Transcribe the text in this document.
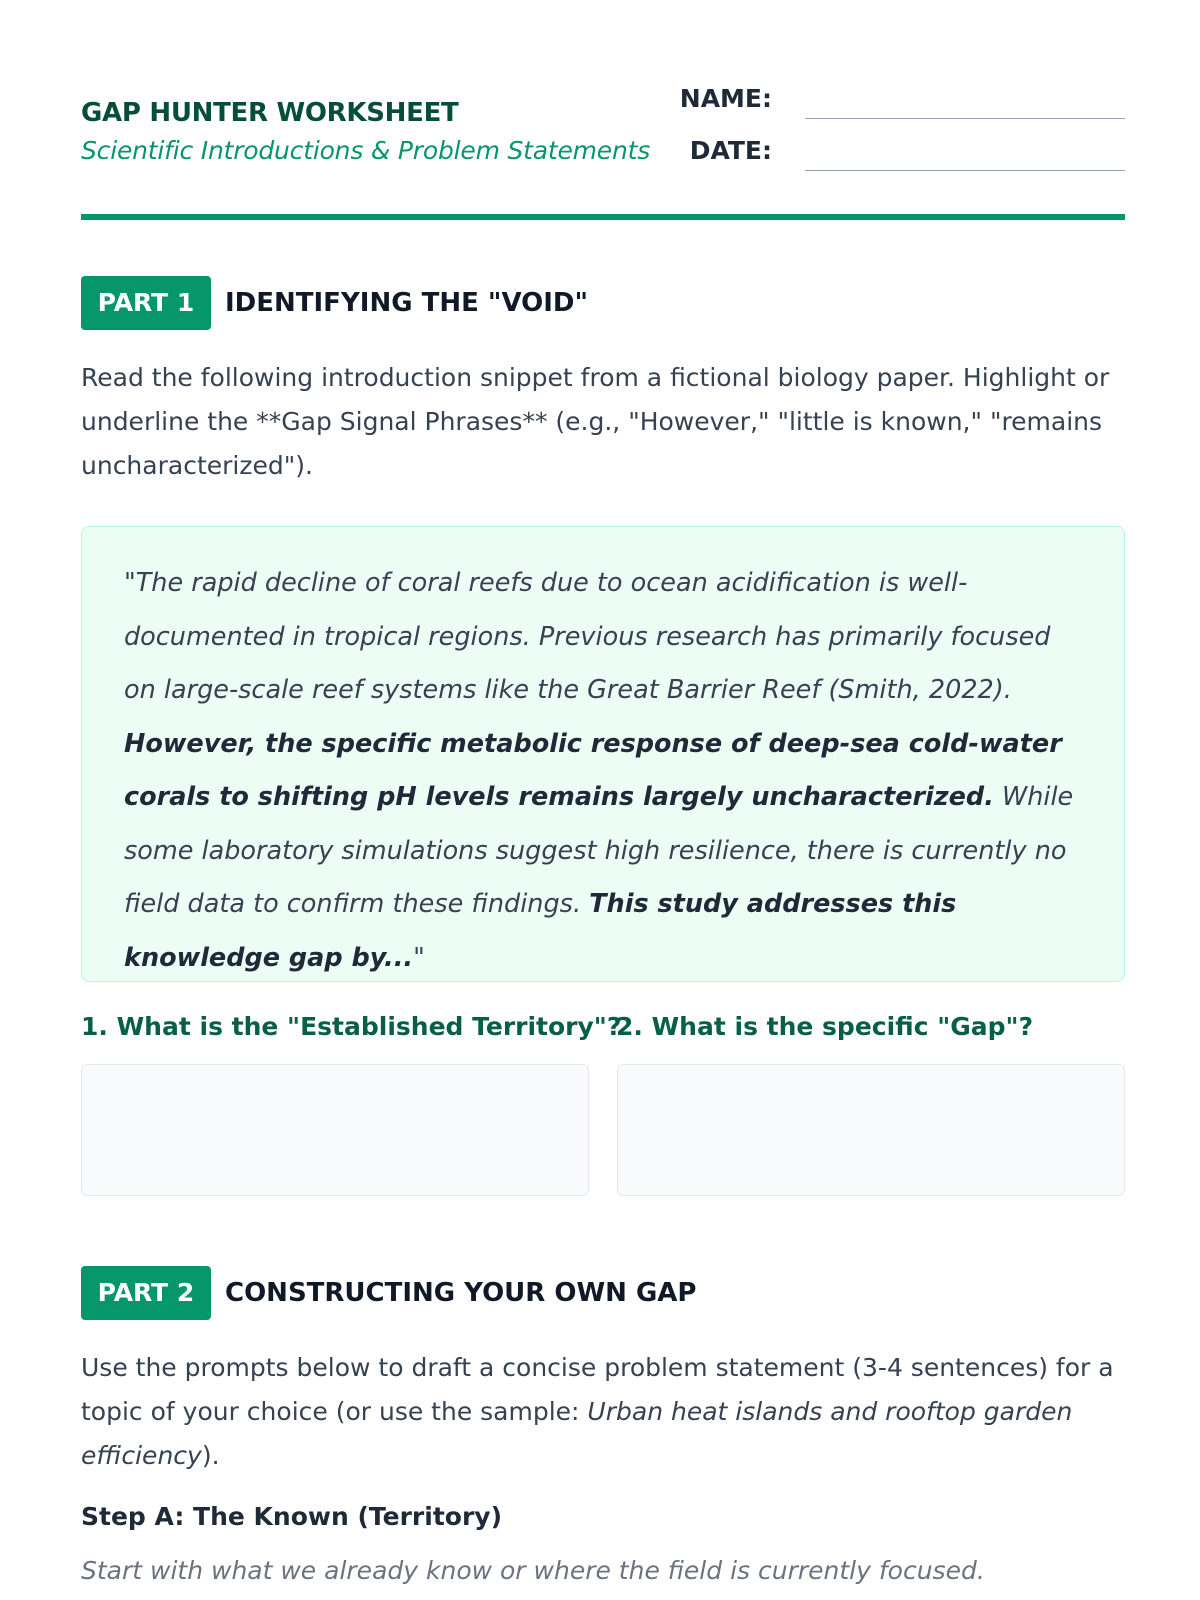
GAP HUNTER WORKSHEET
Scientific Introductions & Problem Statements
NAME:
DATE:
PART 1	IDENTIFYING THE "VOID"

Read the following introduction snippet from a fictional biology paper. Highlight or underline the **Gap Signal Phrases** (e.g., "However," "little is known," "remains uncharacterized").

"The rapid decline of coral reefs due to ocean acidification is well-documented in tropical regions. Previous research has primarily focused on large-scale reef systems like the Great Barrier Reef (Smith, 2022). However, the specific metabolic response of deep-sea cold-water corals to shifting pH levels remains largely uncharacterized. While some laboratory simulations suggest high resilience, there is currently no field data to confirm these findings. This study addresses this knowledge gap by..."

1. What is the "Established Territory"?
2. What is the specific "Gap"?
PART 2	CONSTRUCTING YOUR OWN GAP

Use the prompts below to draft a concise problem statement (3-4 sentences) for a topic of your choice (or use the sample: Urban heat islands and rooftop garden efficiency).

Step A: The Known (Territory)
Start with what we already know or where the field is currently focused.
